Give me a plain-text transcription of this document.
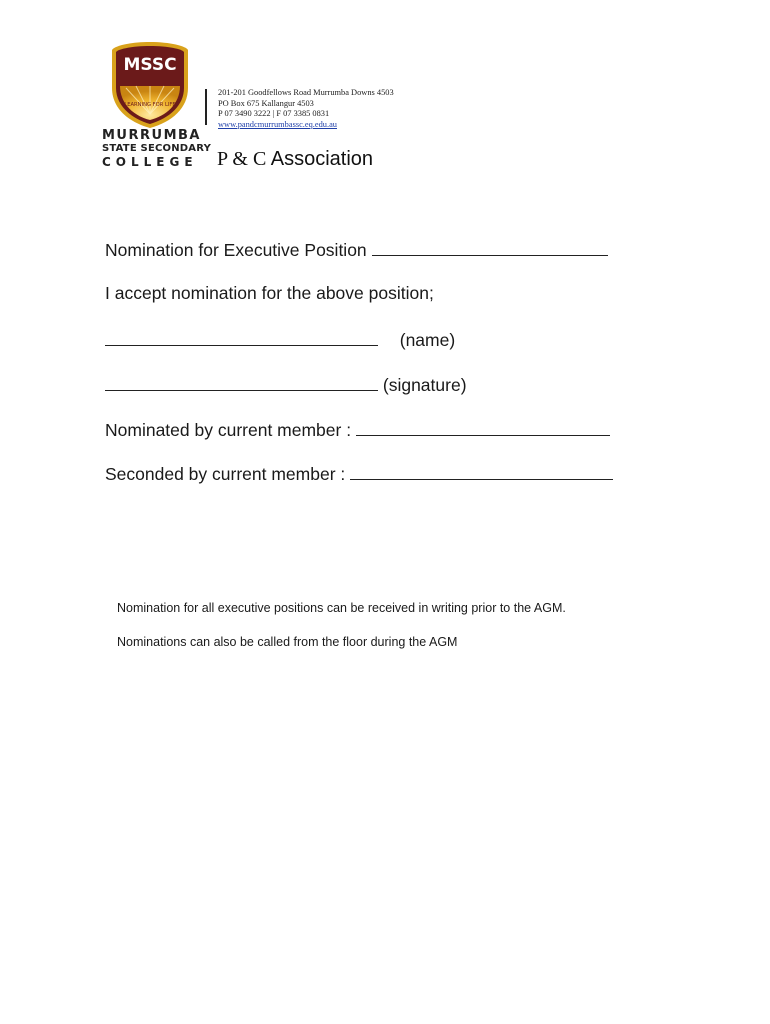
MSSC
LEARNING FOR LIFE
MURRUMBA
STATE SECONDARY
COLLEGE
201-201 Goodfellows Road Murrumba Downs 4503
PO Box 675 Kallangur 4503
P 07 3490 3222 | F 07 3385 0831
www.pandcmurrumbassc.eq.edu.au
P & C Association
Nomination for Executive Position
I accept nomination for the above position;
(name)
(signature)
Nominated by current member :
Seconded by current member :
Nomination for all executive positions can be received in writing prior to the AGM.
Nominations can also be called from the floor during the AGM
